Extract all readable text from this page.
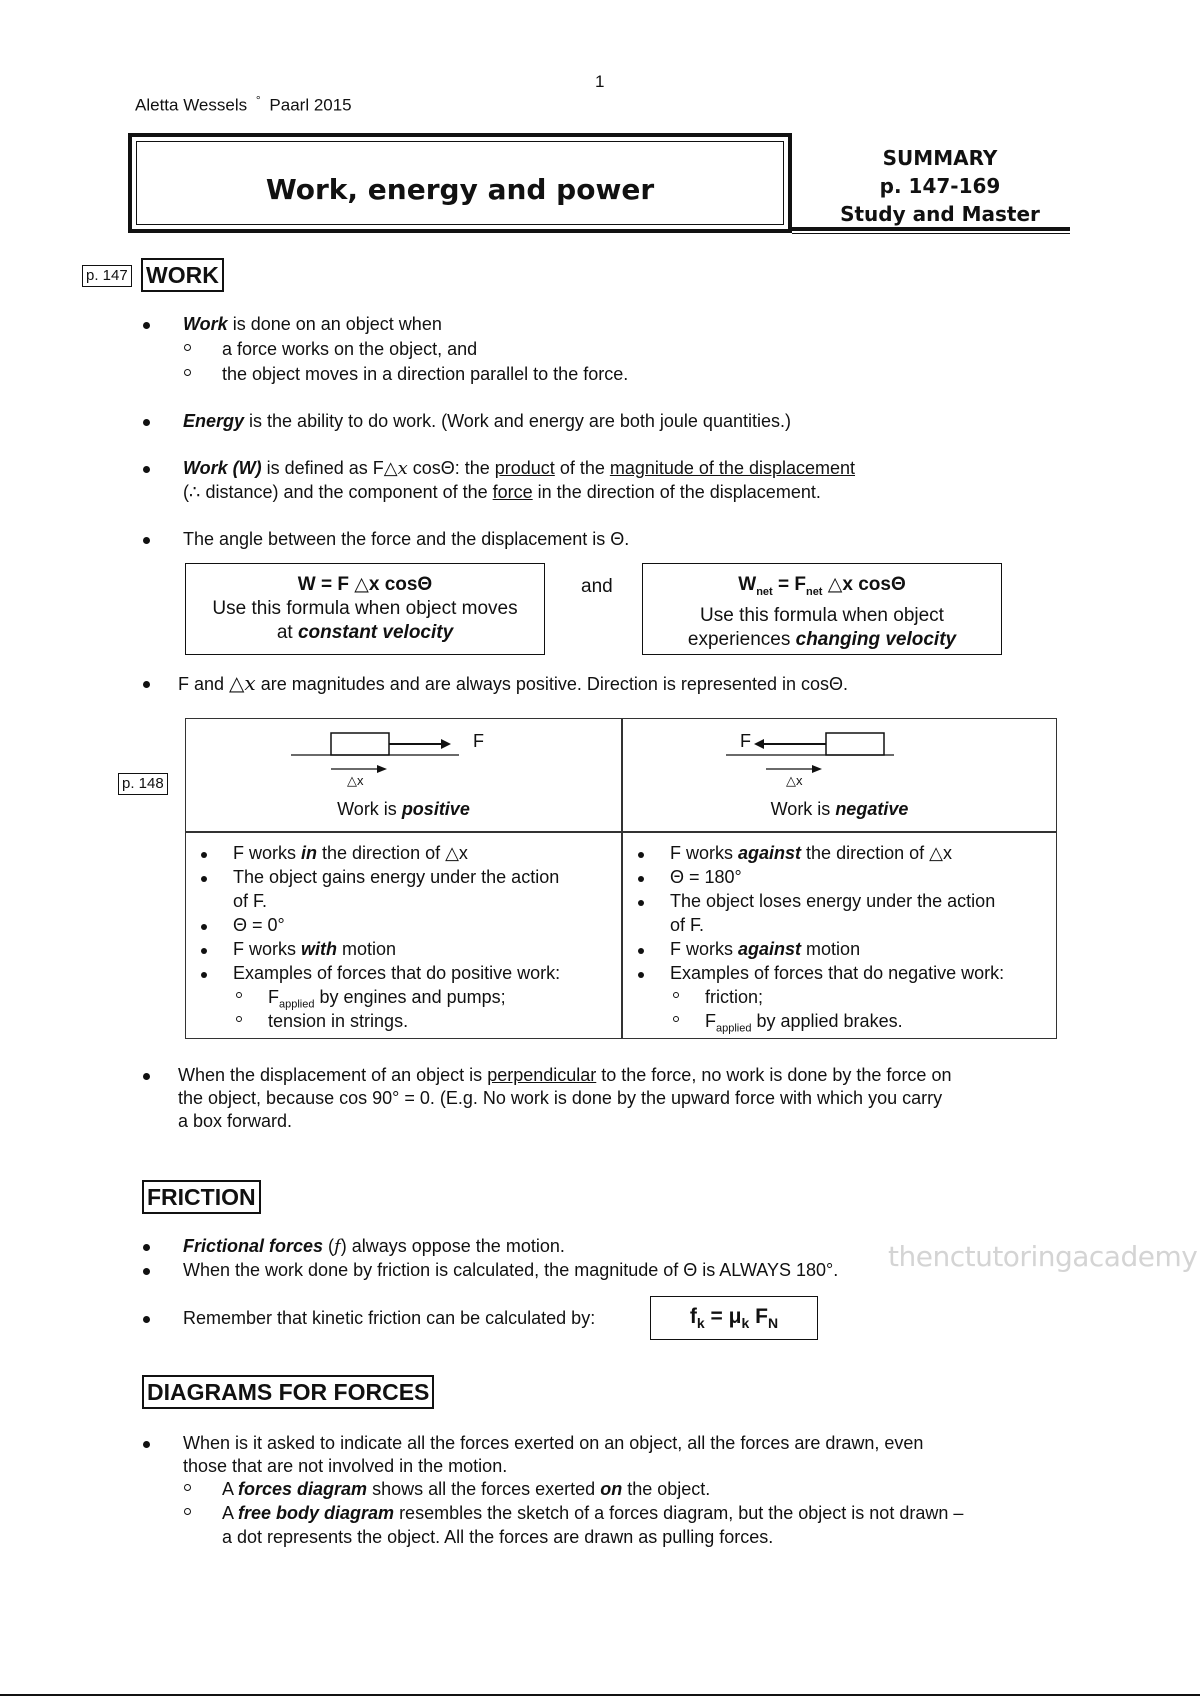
Aletta Wessels ° Paarl 2015
1
Work, energy and power
SUMMARY
p. 147-169
Study and Master
p. 147 WORK
Work is done on an object when
a force works on the object, and
the object moves in a direction parallel to the force.
Energy is the ability to do work. (Work and energy are both joule quantities.)
Work (W) is defined as F△x cosΘ: the product of the magnitude of the displacement
(∴ distance) and the component of the force in the direction of the displacement.
The angle between the force and the displacement is Θ.
W = F △x cosΘ
Use this formula when object moves
at constant velocity
and	$W_{net} = F_{net}$ △x cosΘ
Use this formula when object
experiences changing velocity
F and △x are magnitudes and are always positive. Direction is represented in cosΘ.
p. 148
F
△x
Work is positive
F
△x
Work is negative
F works in the direction of △x
The object gains energy under the action
of F.
Θ = 0°
F works with motion
Examples of forces that do positive work:
$F_{applied}$ by engines and pumps;
tension in strings.
F works against the direction of △x
Θ = 180°
The object loses energy under the action
of F.
F works against motion
Examples of forces that do negative work:
friction;
$F_{applied}$ by applied brakes.
When the displacement of an object is perpendicular to the force, no work is done by the force on
the object, because cos 90° = 0. (E.g. No work is done by the upward force with which you carry
a box forward.
FRICTION
Frictional forces (f) always oppose the motion.
When the work done by friction is calculated, the magnitude of Θ is ALWAYS 180°. thenctutoringacademy
Remember that kinetic friction can be calculated by:	$f_k = \mu_k$ $F_N$
DIAGRAMS FOR FORCES
When is it asked to indicate all the forces exerted on an object, all the forces are drawn, even
those that are not involved in the motion.
A forces diagram shows all the forces exerted on the object.
A free body diagram resembles the sketch of a forces diagram, but the object is not drawn –
a dot represents the object. All the forces are drawn as pulling forces.
